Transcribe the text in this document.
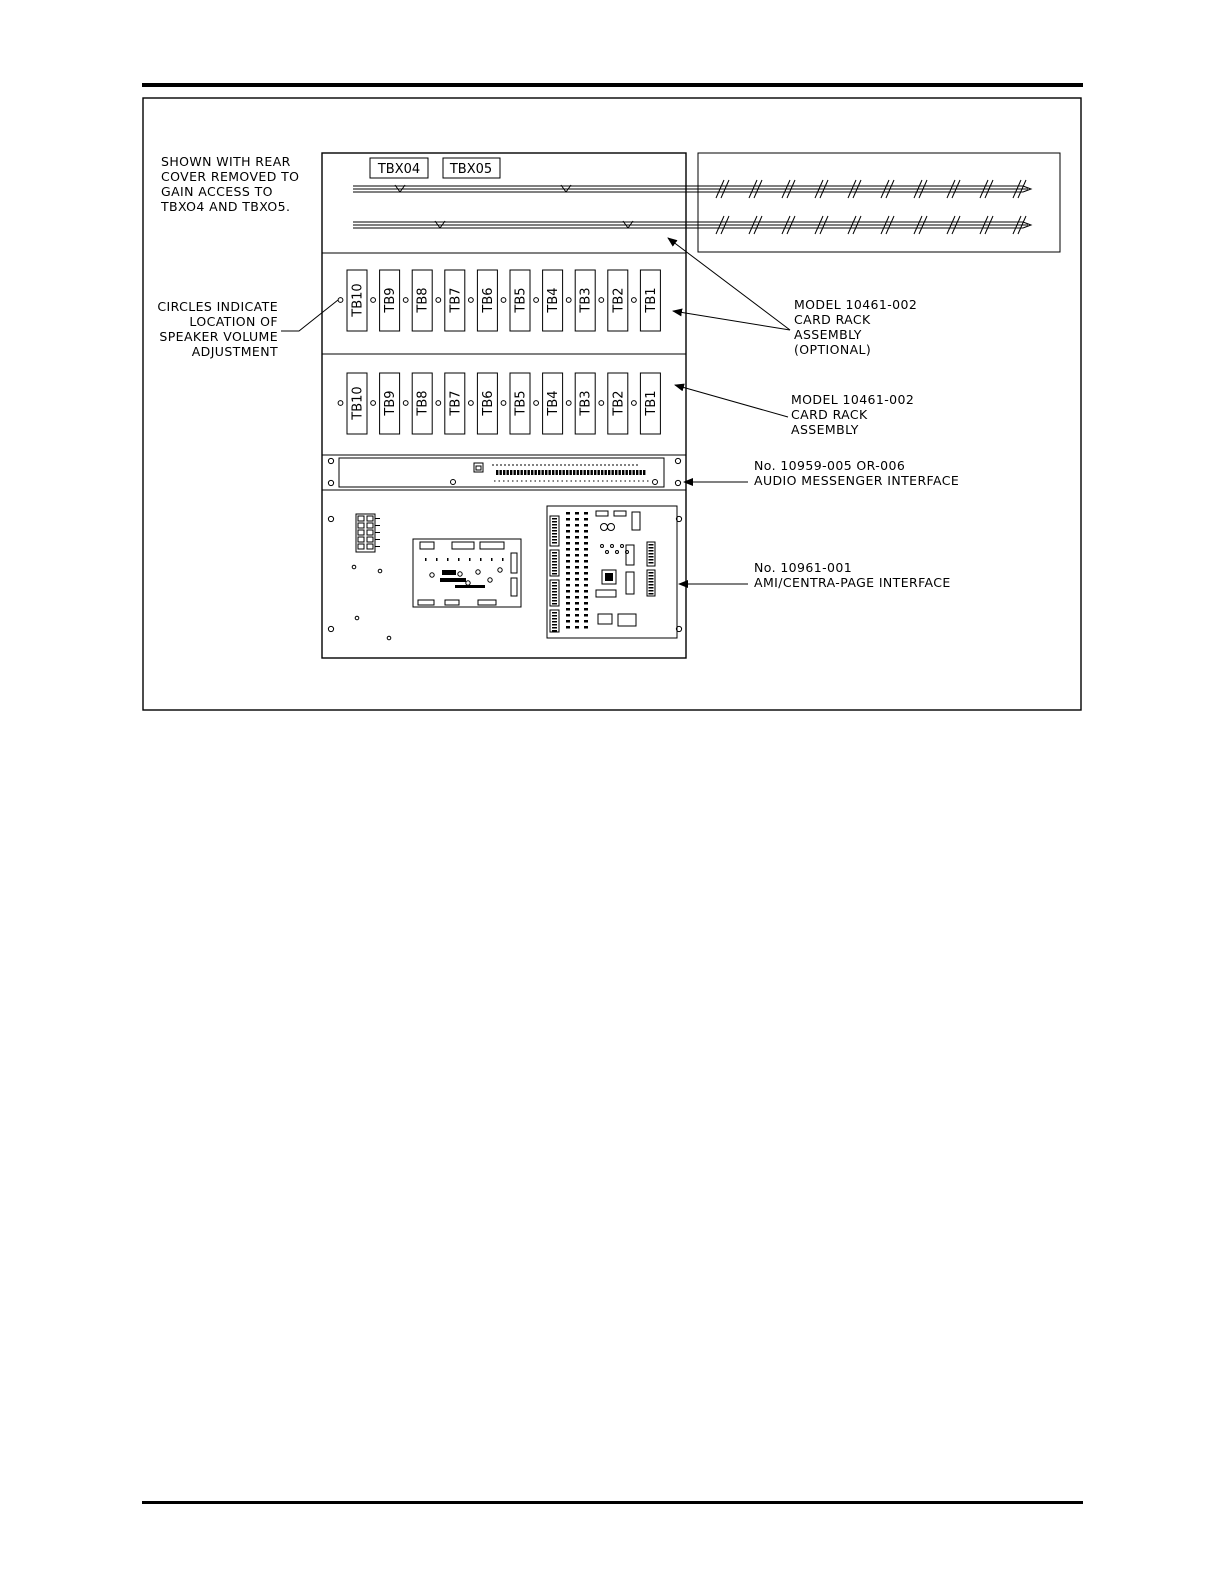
SHOWN WITH REAR
COVER REMOVED TO
GAIN ACCESS TO
TBXO4 AND TBXO5.
CIRCLES INDICATE
LOCATION OF
SPEAKER VOLUME
ADJUSTMENT
TBX04 TBX05
TB10 TB9 TB8 TB7 TB6 TB5 TB4 TB3 TB2 TB1
TB10 TB9 TB8 TB7 TB6 TB5 TB4 TB3 TB2 TB1
MODEL 10461-002
CARD RACK
ASSEMBLY
(OPTIONAL)
MODEL 10461-002
CARD RACK
ASSEMBLY
No. 10959-005 OR-006
AUDIO MESSENGER INTERFACE
No. 10961-001
AMI/CENTRA-PAGE INTERFACE
